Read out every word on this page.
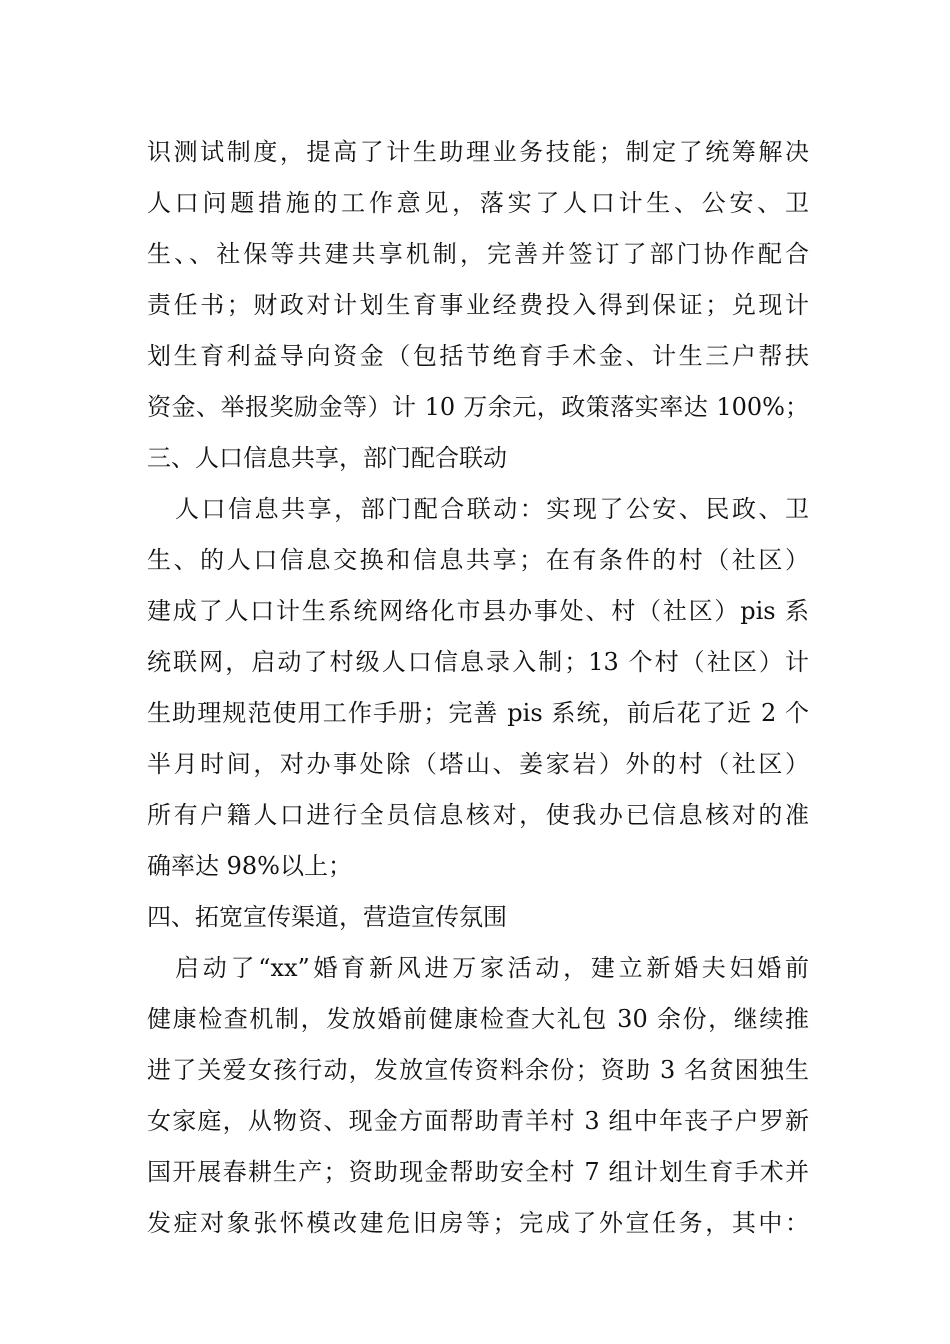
识测试制度，提高了计生助理业务技能；制定了统筹解决
人口问题措施的工作意见，落实了人口计生、公安、卫
生、、社保等共建共享机制，完善并签订了部门协作配合
责任书；财政对计划生育事业经费投入得到保证；兑现计
划生育利益导向资金（包括节绝育手术金、计生三户帮扶
资金、举报奖励金等）计 10 万余元，政策落实率达 100%；
三、人口信息共享，部门配合联动
人口信息共享，部门配合联动：实现了公安、民政、卫
生、的人口信息交换和信息共享；在有条件的村（社区）
建成了人口计生系统网络化市县办事处、村（社区）pis 系
统联网，启动了村级人口信息录入制；13 个村（社区）计
生助理规范使用工作手册；完善 pis 系统，前后花了近 2 个
半月时间，对办事处除（塔山、姜家岩）外的村（社区）
所有户籍人口进行全员信息核对，使我办已信息核对的准
确率达 98%以上；
四、拓宽宣传渠道，营造宣传氛围
启动了“xx”婚育新风进万家活动，建立新婚夫妇婚前
健康检查机制，发放婚前健康检查大礼包 30 余份，继续推
进了关爱女孩行动，发放宣传资料余份；资助 3 名贫困独生
女家庭，从物资、现金方面帮助青羊村 3 组中年丧子户罗新
国开展春耕生产；资助现金帮助安全村 7 组计划生育手术并
发症对象张怀模改建危旧房等；完成了外宣任务，其中：
